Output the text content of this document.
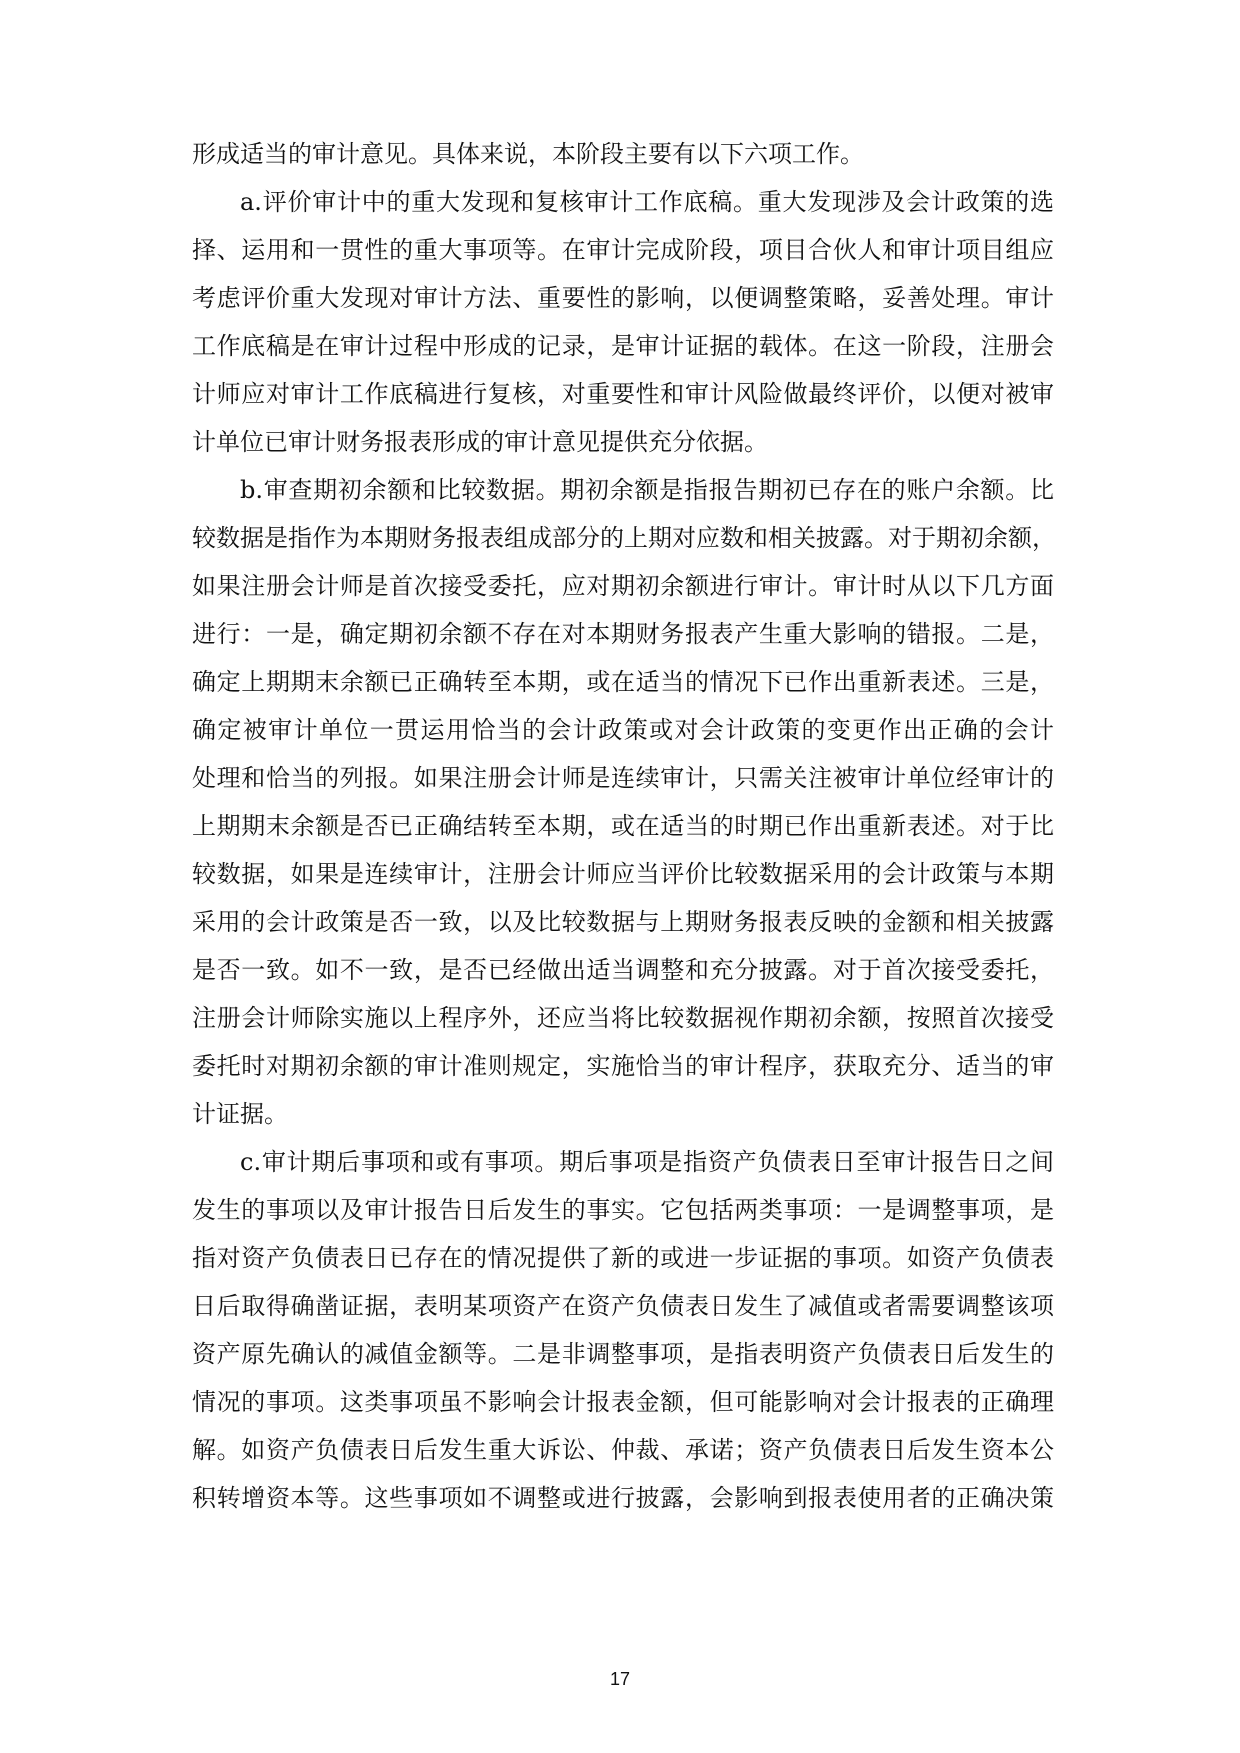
形成适当的审计意见。具体来说，本阶段主要有以下六项工作。
a.评价审计中的重大发现和复核审计工作底稿。重大发现涉及会计政策的选
择、运用和一贯性的重大事项等。在审计完成阶段，项目合伙人和审计项目组应
考虑评价重大发现对审计方法、重要性的影响，以便调整策略，妥善处理。审计
工作底稿是在审计过程中形成的记录，是审计证据的载体。在这一阶段，注册会
计师应对审计工作底稿进行复核，对重要性和审计风险做最终评价，以便对被审
计单位已审计财务报表形成的审计意见提供充分依据。
b.审查期初余额和比较数据。期初余额是指报告期初已存在的账户余额。比
较数据是指作为本期财务报表组成部分的上期对应数和相关披露。对于期初余额，
如果注册会计师是首次接受委托，应对期初余额进行审计。审计时从以下几方面
进行：一是，确定期初余额不存在对本期财务报表产生重大影响的错报。二是，
确定上期期末余额已正确转至本期，或在适当的情况下已作出重新表述。三是，
确定被审计单位一贯运用恰当的会计政策或对会计政策的变更作出正确的会计
处理和恰当的列报。如果注册会计师是连续审计，只需关注被审计单位经审计的
上期期末余额是否已正确结转至本期，或在适当的时期已作出重新表述。对于比
较数据，如果是连续审计，注册会计师应当评价比较数据采用的会计政策与本期
采用的会计政策是否一致，以及比较数据与上期财务报表反映的金额和相关披露
是否一致。如不一致，是否已经做出适当调整和充分披露。对于首次接受委托，
注册会计师除实施以上程序外，还应当将比较数据视作期初余额，按照首次接受
委托时对期初余额的审计准则规定，实施恰当的审计程序，获取充分、适当的审
计证据。
c.审计期后事项和或有事项。期后事项是指资产负债表日至审计报告日之间
发生的事项以及审计报告日后发生的事实。它包括两类事项：一是调整事项，是
指对资产负债表日已存在的情况提供了新的或进一步证据的事项。如资产负债表
日后取得确凿证据，表明某项资产在资产负债表日发生了减值或者需要调整该项
资产原先确认的减值金额等。二是非调整事项，是指表明资产负债表日后发生的
情况的事项。这类事项虽不影响会计报表金额，但可能影响对会计报表的正确理
解。如资产负债表日后发生重大诉讼、仲裁、承诺；资产负债表日后发生资本公
积转增资本等。这些事项如不调整或进行披露，会影响到报表使用者的正确决策
17
